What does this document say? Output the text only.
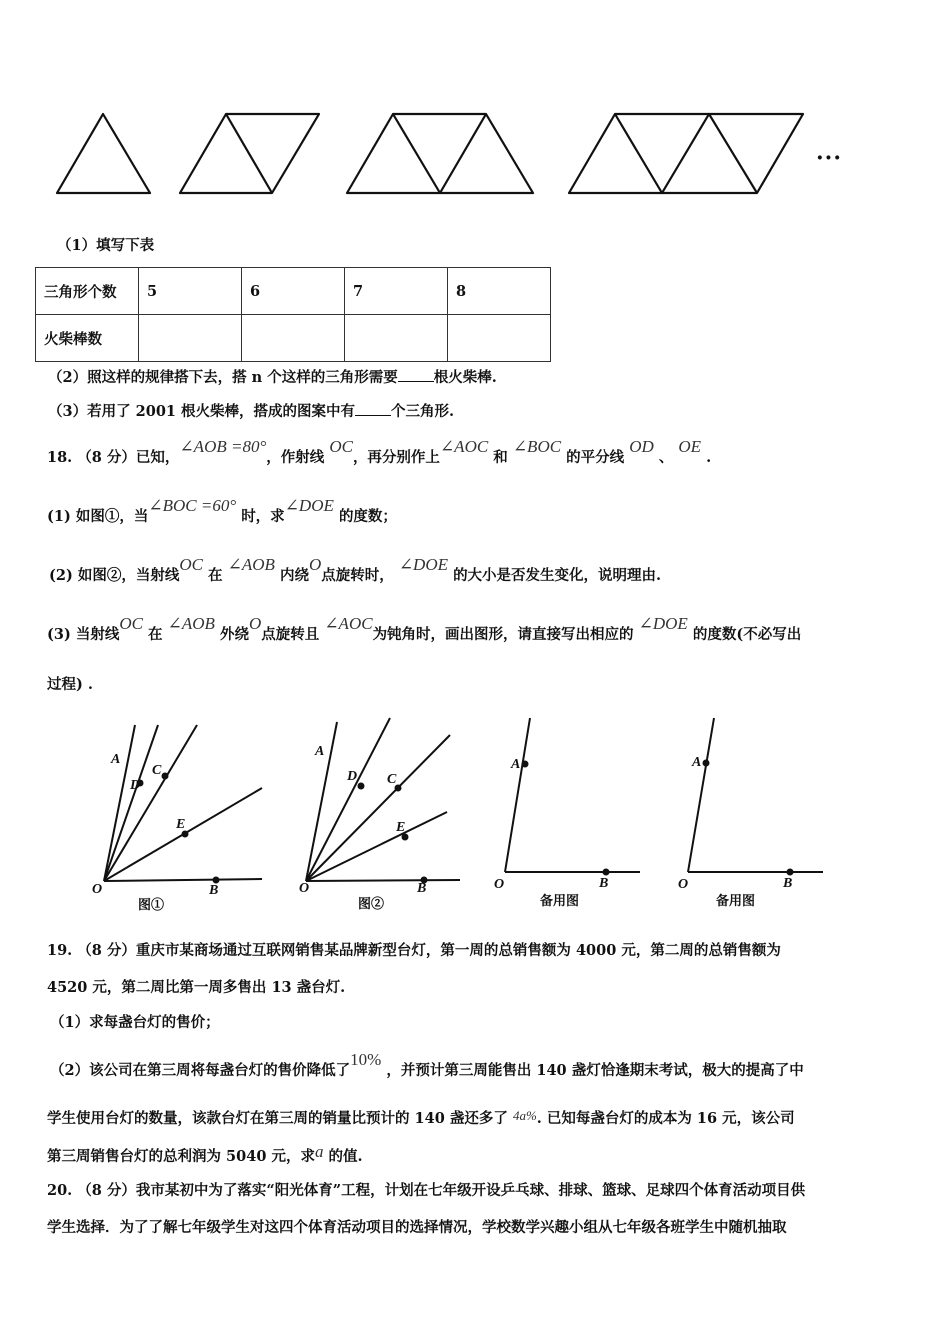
···
（1）填写下表
三角形个数	5	6	7	8
火柴棒数				
（2）照这样的规律搭下去，搭 n 个这样的三角形需要 根火柴棒.
（3）若用了 2001 根火柴棒，搭成的图案中有 个三角形.
18. （8 分）已知，∠AOB =80°，作射线 OC，再分别作上∠AOC 和 ∠BOC 的平分线 OD 、 OE .
(1) 如图①，当∠BOC =60° 时，求∠DOE 的度数；
(2) 如图②，当射线OC 在 ∠AOB 内绕O点旋转时， ∠DOE 的大小是否发生变化，说明理由.
(3) 当射线OC 在 ∠AOB 外绕O点旋转且 ∠AOC为钝角时，画出图形，请直接写出相应的 ∠DOE 的度数(不必写出
过程) .
A
D
C
E
O	B
A
D C
E
O	B
A
O	B
A
O	B
图①	图②	备用图	备用图
19. （8 分）重庆市某商场通过互联网销售某品牌新型台灯，第一周的总销售额为 4000 元，第二周的总销售额为
4520 元，第二周比第一周多售出 13 盏台灯.
（1）求每盏台灯的售价；
（2）该公司在第三周将每盏台灯的售价降低了10% ，并预计第三周能售出 140 盏灯恰逢期末考试，极大的提高了中
学生使用台灯的数量，该款台灯在第三周的销量比预计的 140 盏还多了 4a%. 已知每盏台灯的成本为 16 元，该公司
第三周销售台灯的总利润为 5040 元，求a 的值.
20. （8 分）我市某初中为了落实“阳光体育”工程，计划在七年级开设乒乓球、排球、篮球、足球四个体育活动项目供
学生选择．为了了解七年级学生对这四个体育活动项目的选择情况，学校数学兴趣小组从七年级各班学生中随机抽取
